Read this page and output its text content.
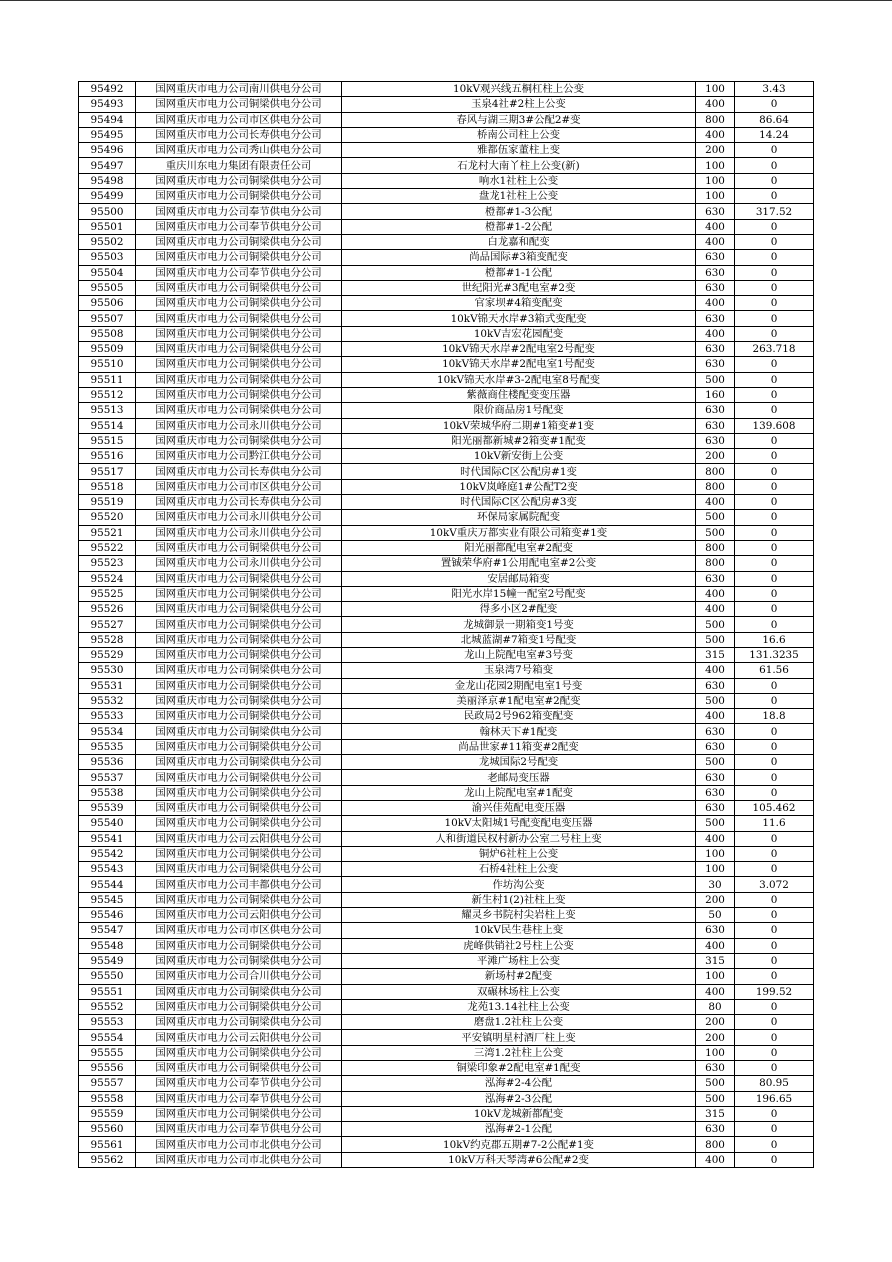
95492	国网重庆市电力公司南川供电分公司	10kV观兴线五桐杠柱上公变	100	3.43
95493	国网重庆市电力公司铜梁供电分公司	玉泉4社#2柱上公变	400	0
95494	国网重庆市电力公司市区供电分公司	春风与湖三期3#公配2#变	800	86.64
95495	国网重庆市电力公司长寿供电分公司	桥南公司柱上公变	400	14.24
95496	国网重庆市电力公司秀山供电分公司	雅都伍家董柱上变	200	0
95497	重庆川东电力集团有限责任公司	石龙村大南丫柱上公变(新)	100	0
95498	国网重庆市电力公司铜梁供电分公司	响水1社柱上公变	100	0
95499	国网重庆市电力公司铜梁供电分公司	盘龙1社柱上公变	100	0
95500	国网重庆市电力公司奉节供电分公司	橙都#1-3公配	630	317.52
95501	国网重庆市电力公司奉节供电分公司	橙都#1-2公配	400	0
95502	国网重庆市电力公司铜梁供电分公司	白龙嘉和配变	400	0
95503	国网重庆市电力公司铜梁供电分公司	尚品国际#3箱变配变	630	0
95504	国网重庆市电力公司奉节供电分公司	橙都#1-1公配	630	0
95505	国网重庆市电力公司铜梁供电分公司	世纪阳光#3配电室#2变	630	0
95506	国网重庆市电力公司铜梁供电分公司	官家坝#4箱变配变	400	0
95507	国网重庆市电力公司铜梁供电分公司	10kV锦天水岸#3箱式变配变	630	0
95508	国网重庆市电力公司铜梁供电分公司	10kV吉宏花园配变	400	0
95509	国网重庆市电力公司铜梁供电分公司	10kV锦天水岸#2配电室2号配变	630	263.718
95510	国网重庆市电力公司铜梁供电分公司	10kV锦天水岸#2配电室1号配变	630	0
95511	国网重庆市电力公司铜梁供电分公司	10kV锦天水岸#3-2配电室8号配变	500	0
95512	国网重庆市电力公司铜梁供电分公司	紫薇商住楼配变变压器	160	0
95513	国网重庆市电力公司铜梁供电分公司	限价商品房1号配变	630	0
95514	国网重庆市电力公司永川供电分公司	10kV荣城华府二期#1箱变#1变	630	139.608
95515	国网重庆市电力公司铜梁供电分公司	阳光丽都新城#2箱变#1配变	630	0
95516	国网重庆市电力公司黔江供电分公司	10kV新安街上公变	200	0
95517	国网重庆市电力公司长寿供电分公司	时代国际C区公配房#1变	800	0
95518	国网重庆市电力公司市区供电分公司	10kV岚峰庭1#公配T2变	800	0
95519	国网重庆市电力公司长寿供电分公司	时代国际C区公配房#3变	400	0
95520	国网重庆市电力公司永川供电分公司	环保局家属院配变	500	0
95521	国网重庆市电力公司永川供电分公司	10kV重庆万都实业有限公司箱变#1变	500	0
95522	国网重庆市电力公司铜梁供电分公司	阳光丽都配电室#2配变	800	0
95523	国网重庆市电力公司永川供电分公司	置铖荣华府#1公用配电室#2公变	800	0
95524	国网重庆市电力公司铜梁供电分公司	安居邮局箱变	630	0
95525	国网重庆市电力公司铜梁供电分公司	阳光水岸15幢一配室2号配变	400	0
95526	国网重庆市电力公司铜梁供电分公司	得多小区2#配变	400	0
95527	国网重庆市电力公司铜梁供电分公司	龙城御景一期箱变1号变	500	0
95528	国网重庆市电力公司铜梁供电分公司	北城蓝湖#7箱变1号配变	500	16.6
95529	国网重庆市电力公司铜梁供电分公司	龙山上院配电室#3号变	315	131.3235
95530	国网重庆市电力公司铜梁供电分公司	玉泉湾7号箱变	400	61.56
95531	国网重庆市电力公司铜梁供电分公司	金龙山花园2期配电室1号变	630	0
95532	国网重庆市电力公司铜梁供电分公司	美丽泽京#1配电室#2配变	500	0
95533	国网重庆市电力公司铜梁供电分公司	民政局2号962箱变配变	400	18.8
95534	国网重庆市电力公司铜梁供电分公司	翰林天下#1配变	630	0
95535	国网重庆市电力公司铜梁供电分公司	尚品世家#11箱变#2配变	630	0
95536	国网重庆市电力公司铜梁供电分公司	龙城国际2号配变	500	0
95537	国网重庆市电力公司铜梁供电分公司	老邮局变压器	630	0
95538	国网重庆市电力公司铜梁供电分公司	龙山上院配电室#1配变	630	0
95539	国网重庆市电力公司铜梁供电分公司	渝兴佳苑配电变压器	630	105.462
95540	国网重庆市电力公司铜梁供电分公司	10kV太阳城1号配变配电变压器	500	11.6
95541	国网重庆市电力公司云阳供电分公司	人和街道民权村新办公室二号柱上变	400	0
95542	国网重庆市电力公司铜梁供电分公司	铜炉6社柱上公变	100	0
95543	国网重庆市电力公司铜梁供电分公司	石桥4社柱上公变	100	0
95544	国网重庆市电力公司丰都供电分公司	作坊沟公变	30	3.072
95545	国网重庆市电力公司铜梁供电分公司	新生村1(2)社柱上变	200	0
95546	国网重庆市电力公司云阳供电分公司	耀灵乡书院村尖岩柱上变	50	0
95547	国网重庆市电力公司市区供电分公司	10kV民生巷柱上变	630	0
95548	国网重庆市电力公司铜梁供电分公司	虎峰供销社2号柱上公变	400	0
95549	国网重庆市电力公司铜梁供电分公司	平滩广场柱上公变	315	0
95550	国网重庆市电力公司合川供电分公司	新场村#2配变	100	0
95551	国网重庆市电力公司铜梁供电分公司	双碾林场柱上公变	400	199.52
95552	国网重庆市电力公司铜梁供电分公司	龙苑13.14社柱上公变	80	0
95553	国网重庆市电力公司铜梁供电分公司	磨盘1.2社柱上公变	200	0
95554	国网重庆市电力公司云阳供电分公司	平安镇明星村酒厂柱上变	200	0
95555	国网重庆市电力公司铜梁供电分公司	三湾1.2社柱上公变	100	0
95556	国网重庆市电力公司铜梁供电分公司	铜梁印象#2配电室#1配变	630	0
95557	国网重庆市电力公司奉节供电分公司	泓海#2-4公配	500	80.95
95558	国网重庆市电力公司奉节供电分公司	泓海#2-3公配	500	196.65
95559	国网重庆市电力公司铜梁供电分公司	10kV龙城新都配变	315	0
95560	国网重庆市电力公司奉节供电分公司	泓海#2-1公配	630	0
95561	国网重庆市电力公司市北供电分公司	10kV约克郡五期#7-2公配#1变	800	0
95562	国网重庆市电力公司市北供电分公司	10kV万科天琴湾#6公配#2变	400	0
